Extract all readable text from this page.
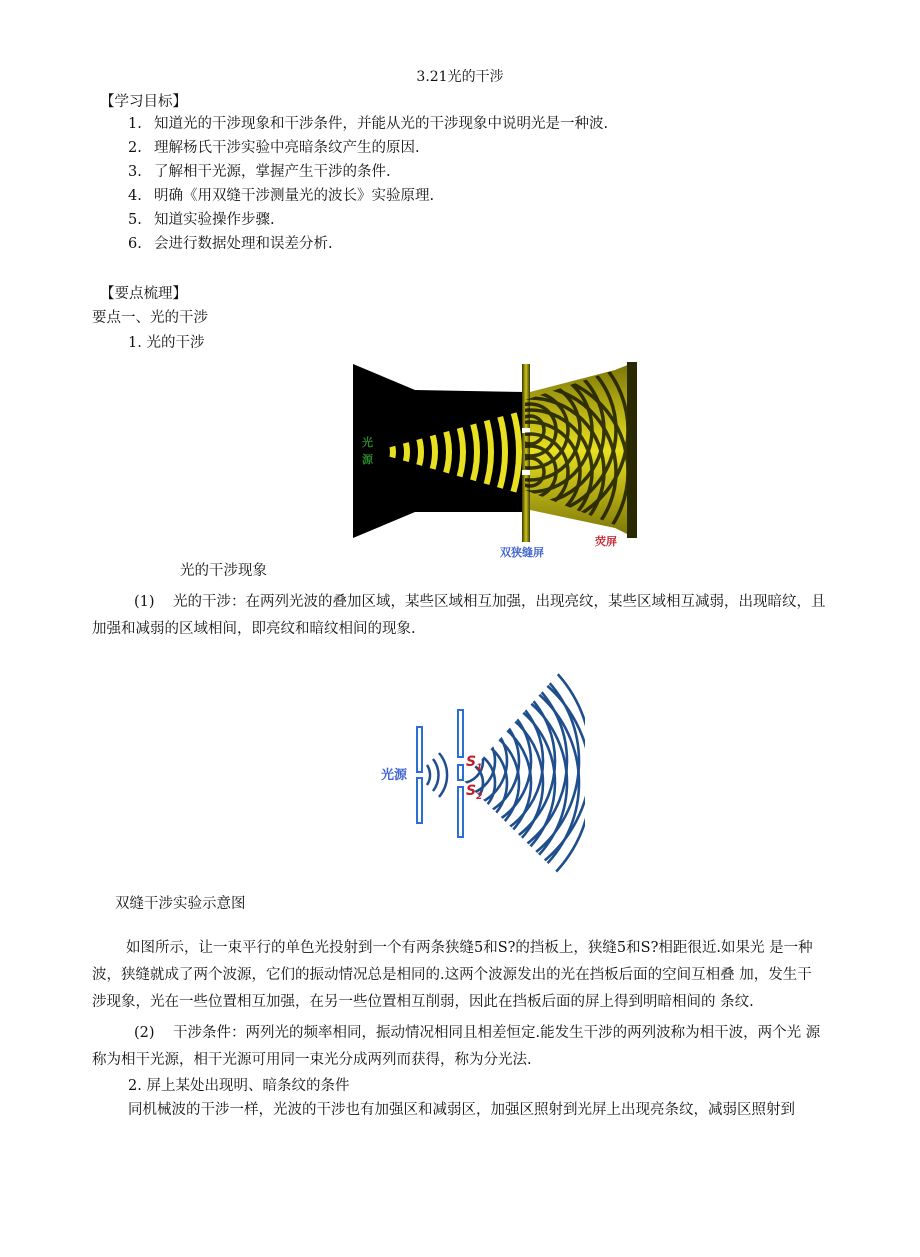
3.21光的干涉
【学习目标】
1. 知道光的干涉现象和干涉条件，并能从光的干涉现象中说明光是一种波.
2. 理解杨氏干涉实验中亮暗条纹产生的原因.
3. 了解相干光源，掌握产生干涉的条件.
4. 明确《用双缝干涉测量光的波长》实验原理.
5. 知道实验操作步骤.
6. 会进行数据处理和误差分析.
【要点梳理】
要点一、光的干涉
1. 光的干涉
光
源
双狭缝屏
荧屏
光的干涉现象
(1) 光的干涉：在两列光波的叠加区域，某些区域相互加强，出现亮纹，某些区域相互减弱，出现暗纹，且
加强和减弱的区域相间，即亮纹和暗纹相间的现象.
光源
$S_1$
$S_2$
双缝干涉实验示意图
如图所示，让一束平行的单色光投射到一个有两条狭缝5和S?的挡板上，狭缝5和S?相距很近.如果光 是一种
波，狭缝就成了两个波源，它们的振动情况总是相同的.这两个波源发出的光在挡板后面的空间互相叠 加，发生干
涉现象，光在一些位置相互加强，在另一些位置相互削弱，因此在挡板后面的屏上得到明暗相间的 条纹.
(2) 干涉条件：两列光的频率相同，振动情况相同且相差恒定.能发生干涉的两列波称为相干波，两个光 源
称为相干光源，相干光源可用同一束光分成两列而获得，称为分光法.
2. 屏上某处出现明、暗条纹的条件
同机械波的干涉一样，光波的干涉也有加强区和减弱区，加强区照射到光屏上出现亮条纹，减弱区照射到
